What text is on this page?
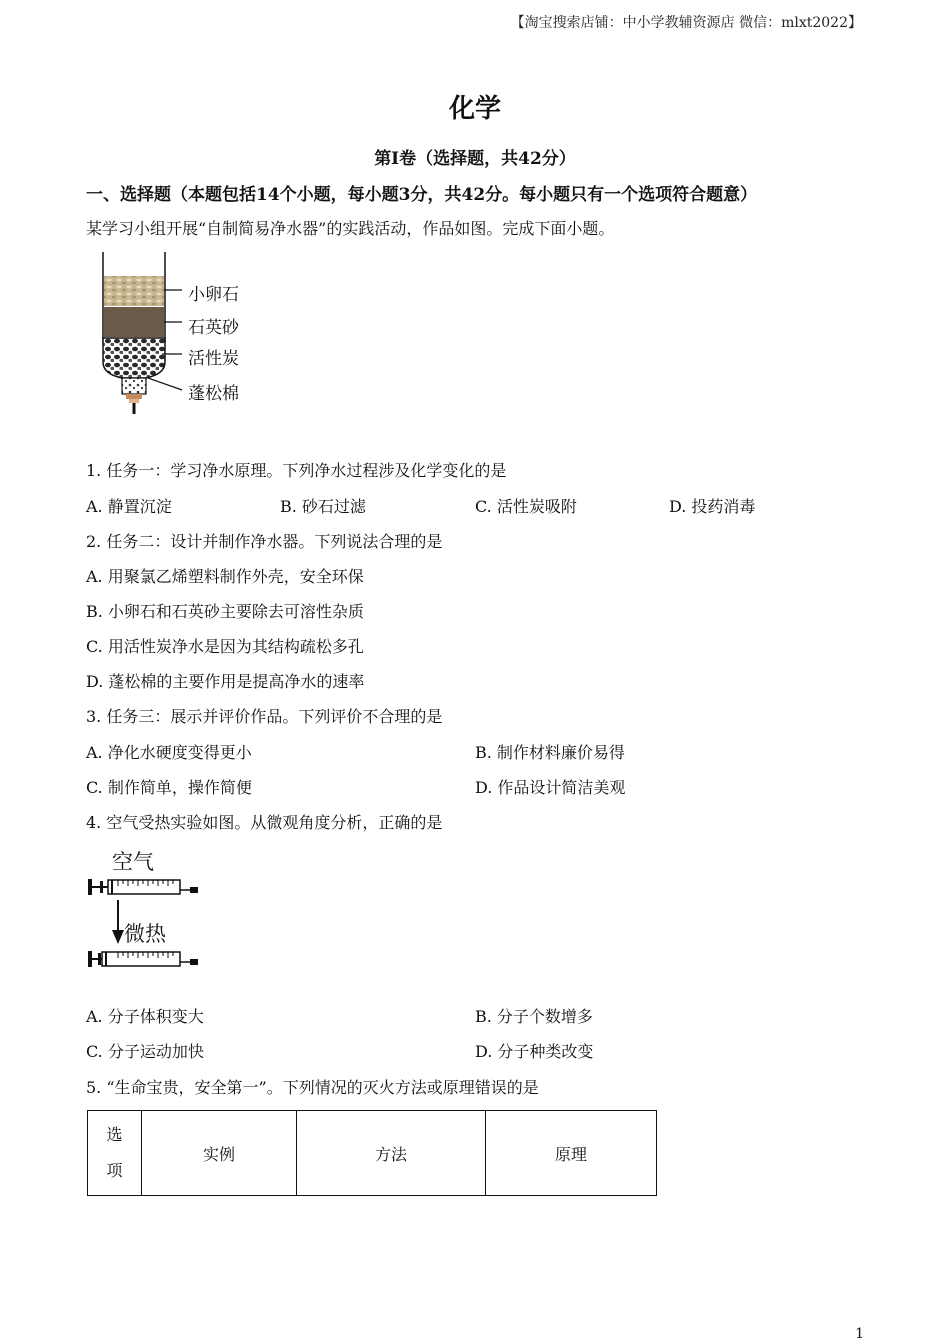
【淘宝搜索店铺：中小学教辅资源店 微信：mlxt2022】
化学
第Ⅰ卷（选择题，共42分）
一、选择题（本题包括14个小题，每小题3分，共42分。每小题只有一个选项符合题意）
某学习小组开展“自制简易净水器”的实践活动，作品如图。完成下面小题。
小卵石
石英砂
活性炭
蓬松棉
1. 任务一：学习净水原理。下列净水过程涉及化学变化的是
A. 静置沉淀	B. 砂石过滤	C. 活性炭吸附	D. 投药消毒
2. 任务二：设计并制作净水器。下列说法合理的是
A. 用聚氯乙烯塑料制作外壳，安全环保
B. 小卵石和石英砂主要除去可溶性杂质
C. 用活性炭净水是因为其结构疏松多孔
D. 蓬松棉的主要作用是提高净水的速率
3. 任务三：展示并评价作品。下列评价不合理的是
A. 净化水硬度变得更小	B. 制作材料廉价易得
C. 制作简单，操作简便	D. 作品设计简洁美观
4. 空气受热实验如图。从微观角度分析，正确的是
空气
微热
A. 分子体积变大	B. 分子个数增多
C. 分子运动加快	D. 分子种类改变
5. “生命宝贵，安全第一”。下列情况的灭火方法或原理错误的是
选
项	实例	方法	原理
1
